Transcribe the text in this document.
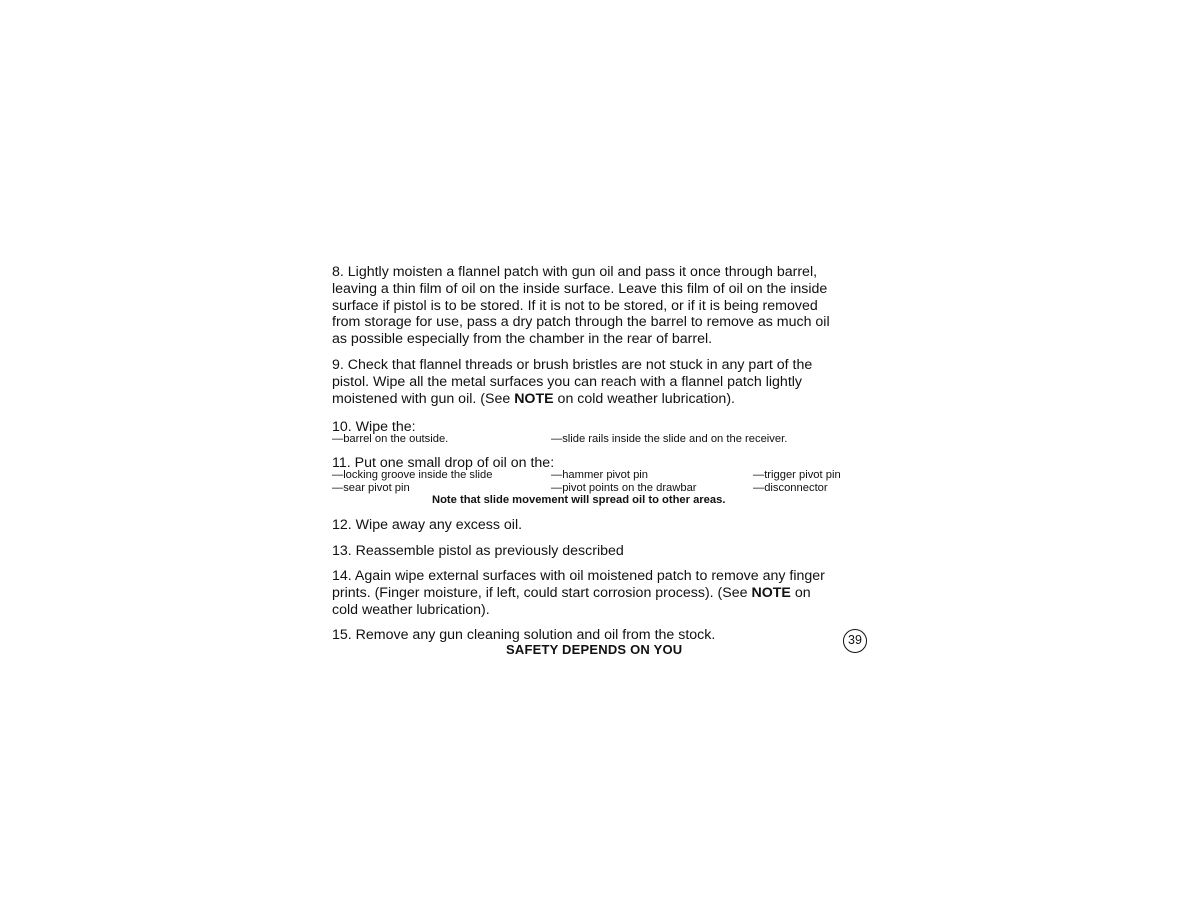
8. Lightly moisten a flannel patch with gun oil and pass it once through barrel,
leaving a thin film of oil on the inside surface. Leave this film of oil on the inside
surface if pistol is to be stored. If it is not to be stored, or if it is being removed
from storage for use, pass a dry patch through the barrel to remove as much oil
as possible especially from the chamber in the rear of barrel.
9. Check that flannel threads or brush bristles are not stuck in any part of the
pistol. Wipe all the metal surfaces you can reach with a flannel patch lightly
moistened with gun oil. (See NOTE on cold weather lubrication).
10. Wipe the:
—barrel on the outside.	—slide rails inside the slide and on the receiver.
11. Put one small drop of oil on the:
—locking groove inside the slide	—hammer pivot pin	—trigger pivot pin
—sear pivot pin	—pivot points on the drawbar	—disconnector
Note that slide movement will spread oil to other areas.
12. Wipe away any excess oil.
13. Reassemble pistol as previously described
14. Again wipe external surfaces with oil moistened patch to remove any finger
prints. (Finger moisture, if left, could start corrosion process). (See NOTE on
cold weather lubrication).
15. Remove any gun cleaning solution and oil from the stock.
SAFETY DEPENDS ON YOU
39
